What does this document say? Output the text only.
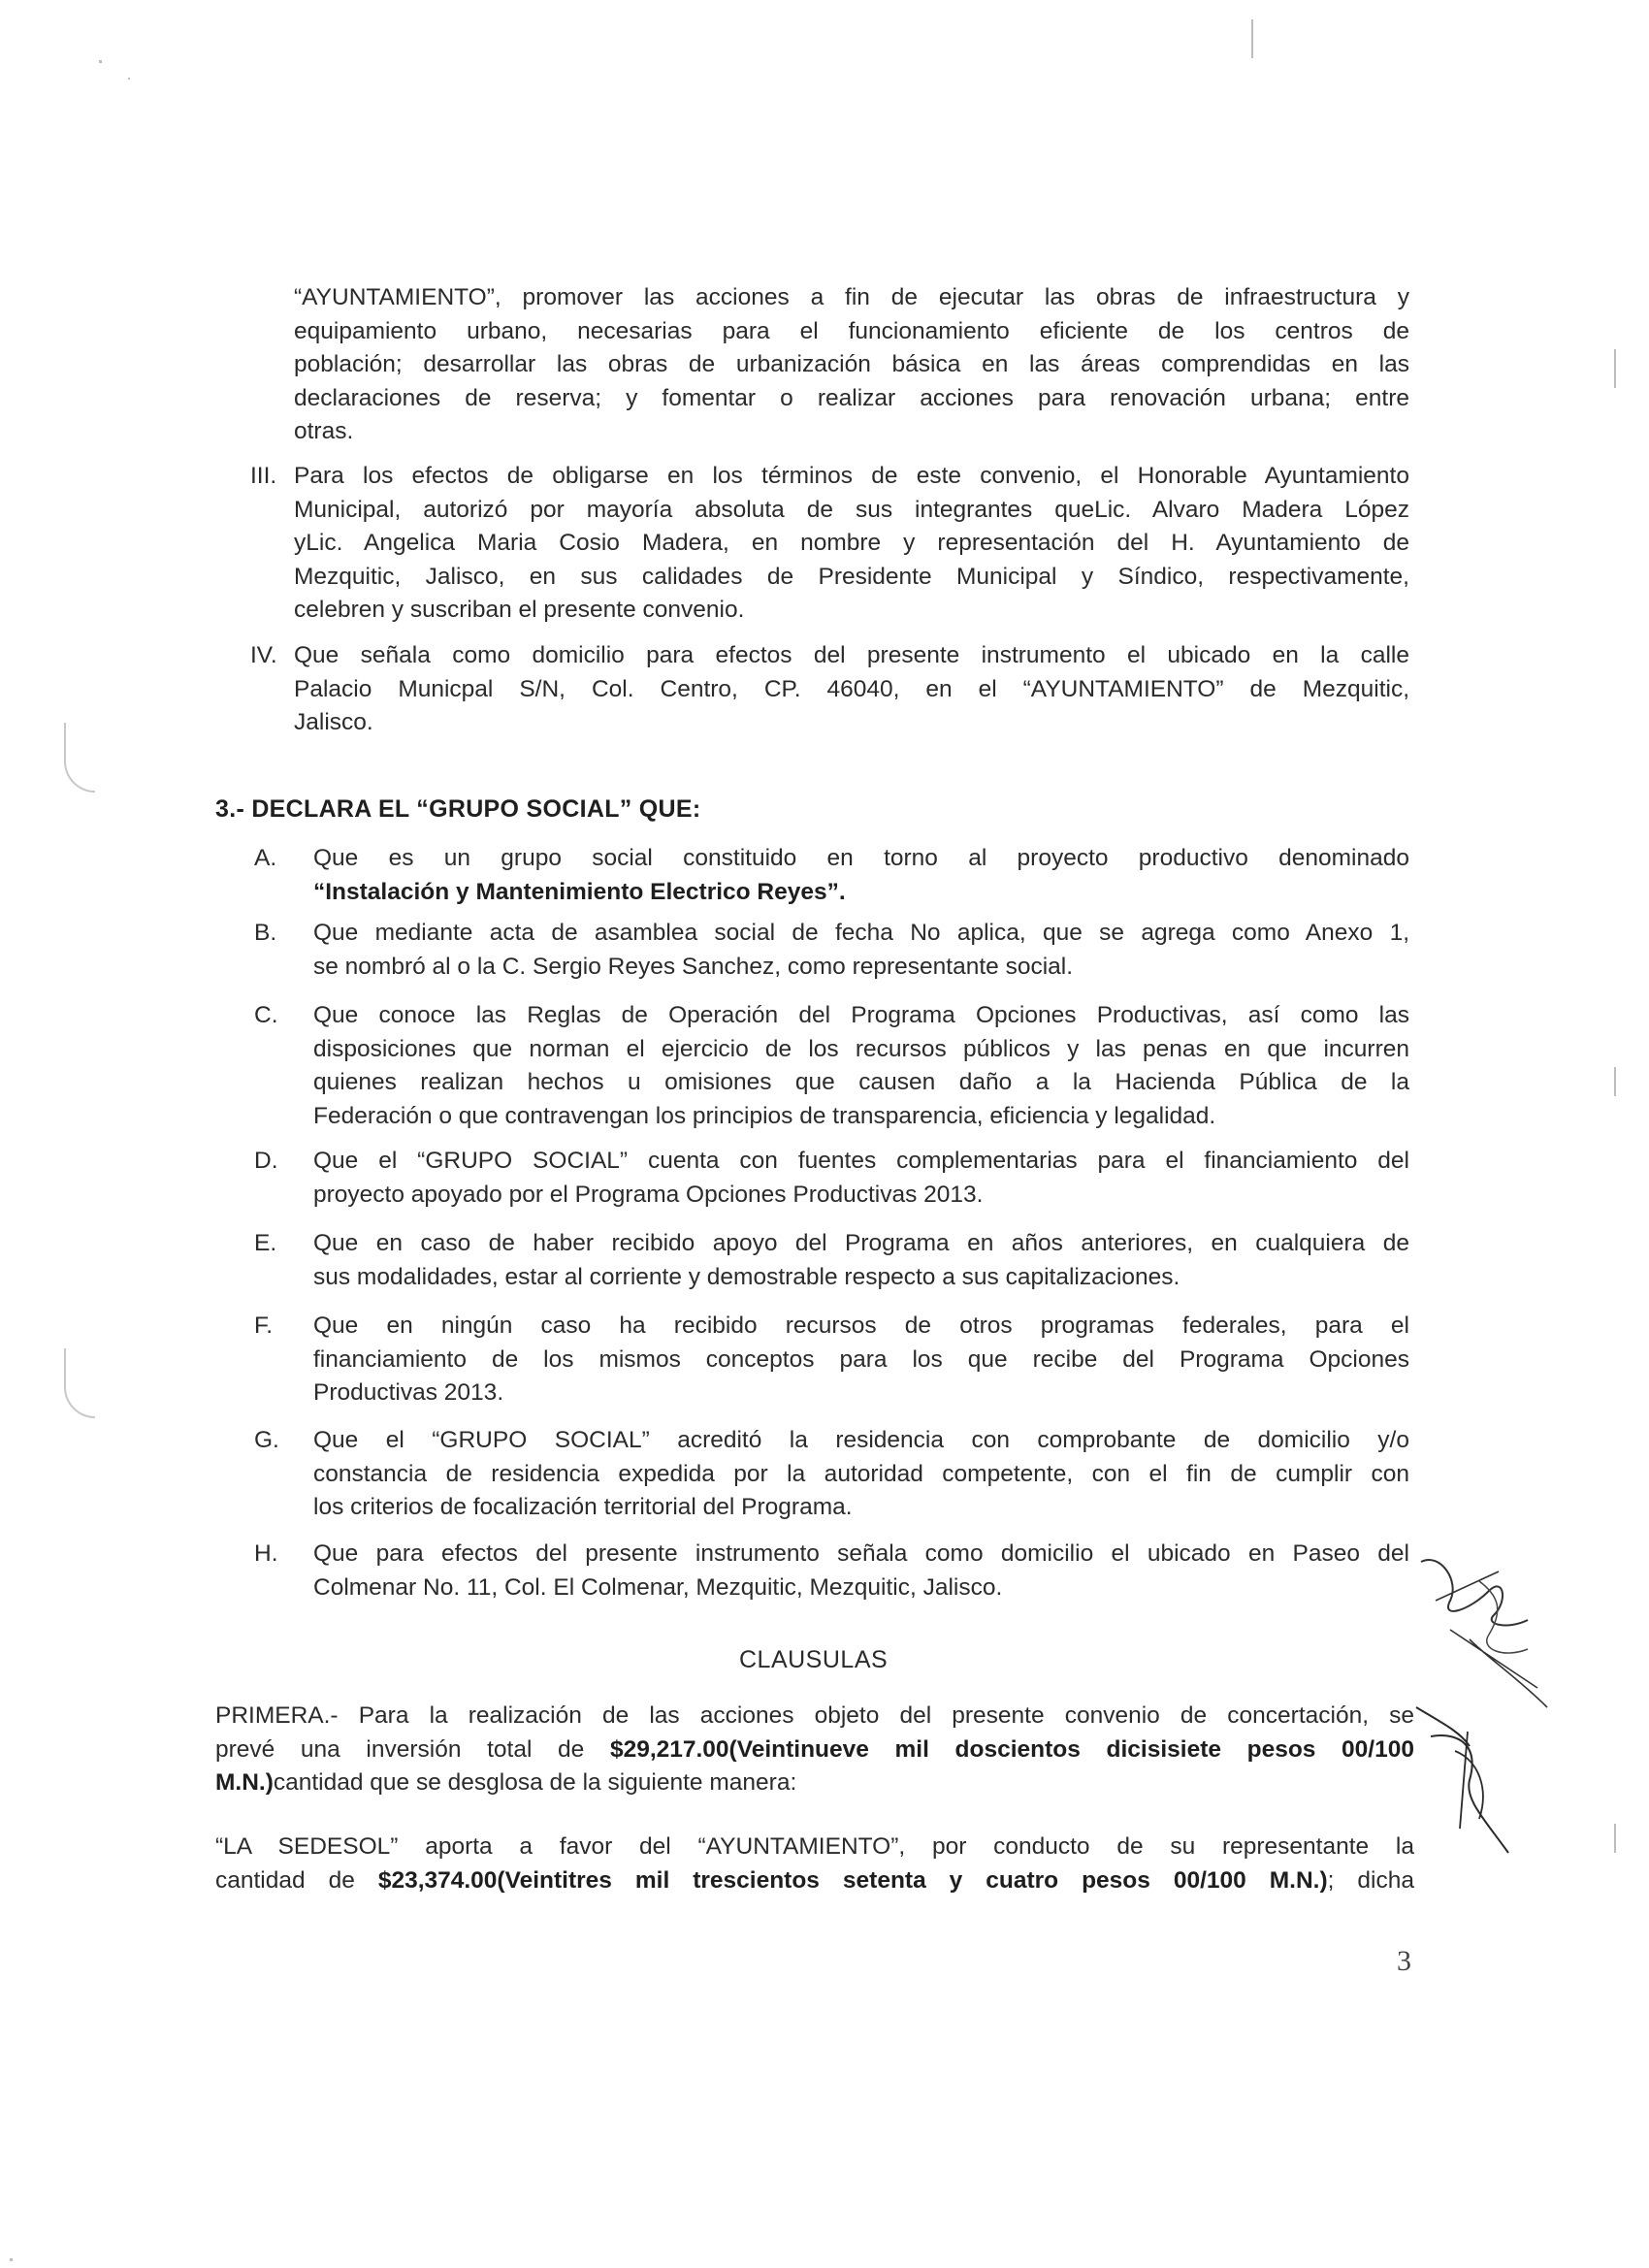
“AYUNTAMIENTO”, promover las acciones a fin de ejecutar las obras de infraestructura y
equipamiento urbano, necesarias para el funcionamiento eficiente de los centros de
población; desarrollar las obras de urbanización básica en las áreas comprendidas en las
declaraciones de reserva; y fomentar o realizar acciones para renovación urbana; entre
otras.
III. Para los efectos de obligarse en los términos de este convenio, el Honorable Ayuntamiento
Municipal, autorizó por mayoría absoluta de sus integrantes queLic. Alvaro Madera López
yLic. Angelica Maria Cosio Madera, en nombre y representación del H. Ayuntamiento de
Mezquitic, Jalisco, en sus calidades de Presidente Municipal y Síndico, respectivamente,
celebren y suscriban el presente convenio.
IV. Que señala como domicilio para efectos del presente instrumento el ubicado en la calle
Palacio Municpal S/N, Col. Centro, CP. 46040, en el “AYUNTAMIENTO” de Mezquitic,
Jalisco.
3.- DECLARA EL “GRUPO SOCIAL” QUE:
A. Que es un grupo social constituido en torno al proyecto productivo denominado
“Instalación y Mantenimiento Electrico Reyes”.
B. Que mediante acta de asamblea social de fecha No aplica, que se agrega como Anexo 1,
se nombró al o la C. Sergio Reyes Sanchez, como representante social.
C. Que conoce las Reglas de Operación del Programa Opciones Productivas, así como las
disposiciones que norman el ejercicio de los recursos públicos y las penas en que incurren
quienes realizan hechos u omisiones que causen daño a la Hacienda Pública de la
Federación o que contravengan los principios de transparencia, eficiencia y legalidad.
D. Que el “GRUPO SOCIAL” cuenta con fuentes complementarias para el financiamiento del
proyecto apoyado por el Programa Opciones Productivas 2013.
E. Que en caso de haber recibido apoyo del Programa en años anteriores, en cualquiera de
sus modalidades, estar al corriente y demostrable respecto a sus capitalizaciones.
F. Que en ningún caso ha recibido recursos de otros programas federales, para el
financiamiento de los mismos conceptos para los que recibe del Programa Opciones
Productivas 2013.
G. Que el “GRUPO SOCIAL” acreditó la residencia con comprobante de domicilio y/o
constancia de residencia expedida por la autoridad competente, con el fin de cumplir con
los criterios de focalización territorial del Programa.
H. Que para efectos del presente instrumento señala como domicilio el ubicado en Paseo del
Colmenar No. 11, Col. El Colmenar, Mezquitic, Mezquitic, Jalisco.
CLAUSULAS
PRIMERA.- Para la realización de las acciones objeto del presente convenio de concertación, se
prevé una inversión total de $29,217.00(Veintinueve mil doscientos dicisisiete pesos 00/100
M.N.)cantidad que se desglosa de la siguiente manera:
“LA SEDESOL” aporta a favor del “AYUNTAMIENTO”, por conducto de su representante la
cantidad de $23,374.00(Veintitres mil trescientos setenta y cuatro pesos 00/100 M.N.); dicha
3
